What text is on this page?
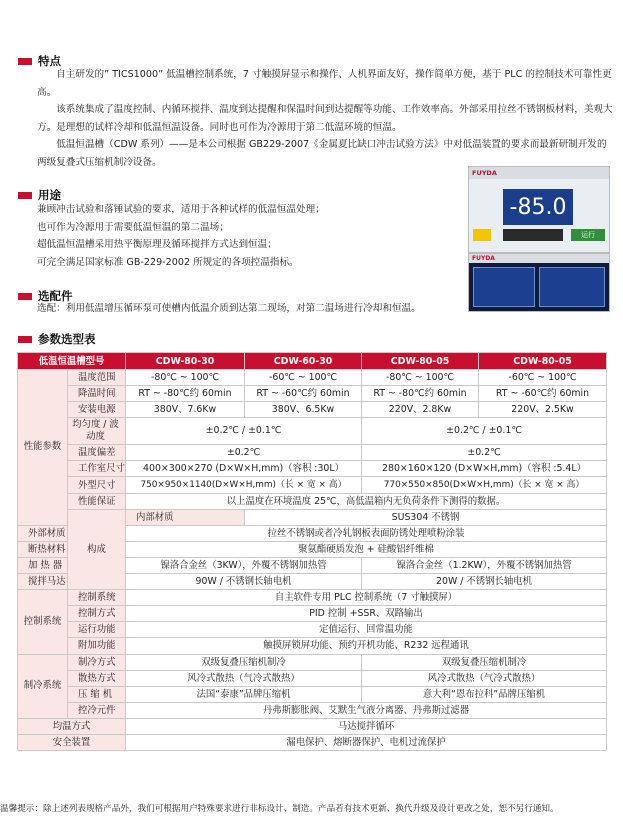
特点

自主研发的” TICS1000” 低温槽控制系统，7 寸触摸屏显示和操作、人机界面友好，操作简单方便，基于 PLC 的控制技术可靠性更高。

该系统集成了温度控制、内循环搅拌、温度到达提醒和保温时间到达提醒等功能、工作效率高。外部采用拉丝不锈钢板材料，美观大方。是理想的试样冷却和低温恒温设备。同时也可作为冷源用于第二低温环境的恒温。

低温恒温槽（CDW 系列）——是本公司根据 GB229-2007《金属夏比缺口冲击试验方法》中对低温装置的要求而最新研制开发的两级复叠式压缩机制冷设备。

用途
兼顾冲击试验和落锤试验的要求，适用于各种试样的低温恒温处理；
也可作为冷源用于需要低温恒温的第二温场；
超低温恒温槽采用热平衡原理及循环搅拌方式达到恒温；
可完全满足国家标准 GB-229-2002 所规定的各项控温指标。
FUYDA
-85.0
运行
FUYDA
选配件
选配：利用低温增压循环泵可使槽内低温介质到达第二现场，对第二温场进行冷却和恒温。
参数选型表
低温恒温槽型号		CDW-80-30	CDW-60-30	CDW-80-05	CDW-80-05
性能参数	温度范围	-80℃ ~ 100℃	-60℃ ~ 100℃	-80℃ ~ 100℃	-60℃ ~ 100℃
	降温时间	RT ~ -80℃约 60min	RT ~ -60℃约 60min	RT ~ -80℃约 60min	RT ~ -60℃约 60min
	安装电源	380V、7.6Kw	380V、6.5Kw	220V、2.8Kw	220V、2.5Kw
	均匀度 / 波动度	±0.2℃ / ±0.1℃		±0.2℃ / ±0.1℃	
	温度偏差	±0.2℃		±0.2℃	
	工作室尺寸	400×300×270 (D×W×H,mm)（容积 :30L）		280×160×120 (D×W×H,mm)（容积 :5.4L）	
	外型尺寸	750×950×1140(D×W×H,mm)（长 × 宽 × 高）		770×550×850(D×W×H,mm)（长 × 宽 × 高）	
	性能保证	以上温度在环境温度 25℃，高低温箱内无负荷条件下测得的数据。			
	构成	内部材质	SUS304 不锈钢		
外部材质		拉丝不锈钢或者冷轧钢板表面防锈处理喷粉涂装			
断热材料		聚氨酯硬质发泡 + 硅酸铝纤维棉			
加 热 器		镍洛合金丝（3KW），外覆不锈钢加热管		镍洛合金丝（1.2KW），外覆不锈钢加热管	
搅拌马达		90W / 不锈钢长轴电机		20W / 不锈钢长轴电机	
控制系统	控制系统	自主软件专用 PLC 控制系统（7 寸触摸屏）			
	控制方式	PID 控制 +SSR、双路输出			
	运行功能	定值运行、回常温功能			
	附加功能	触摸屏锁屏功能、预约开机功能、R232 远程通讯			
制冷系统	制冷方式	双级复叠压缩机制冷		双级复叠压缩机制冷	
	散热方式	风冷式散热（气冷式散热）		风冷式散热（气冷式散热）	
	压 缩 机	法国“泰康”品牌压缩机		意大利“恩布拉科”品牌压缩机	
	控冷元件	丹弗斯膨胀阀、艾默生气液分离器、丹弗斯过滤器			
均温方式		马达搅拌循环			
安全装置		漏电保护、熔断器保护、电机过流保护			
温馨提示：除上述列表规格产品外，我们可根据用户特殊要求进行非标设计、制造。产品若有技术更新、换代升级及设计更改之处，恕不另行通知。
